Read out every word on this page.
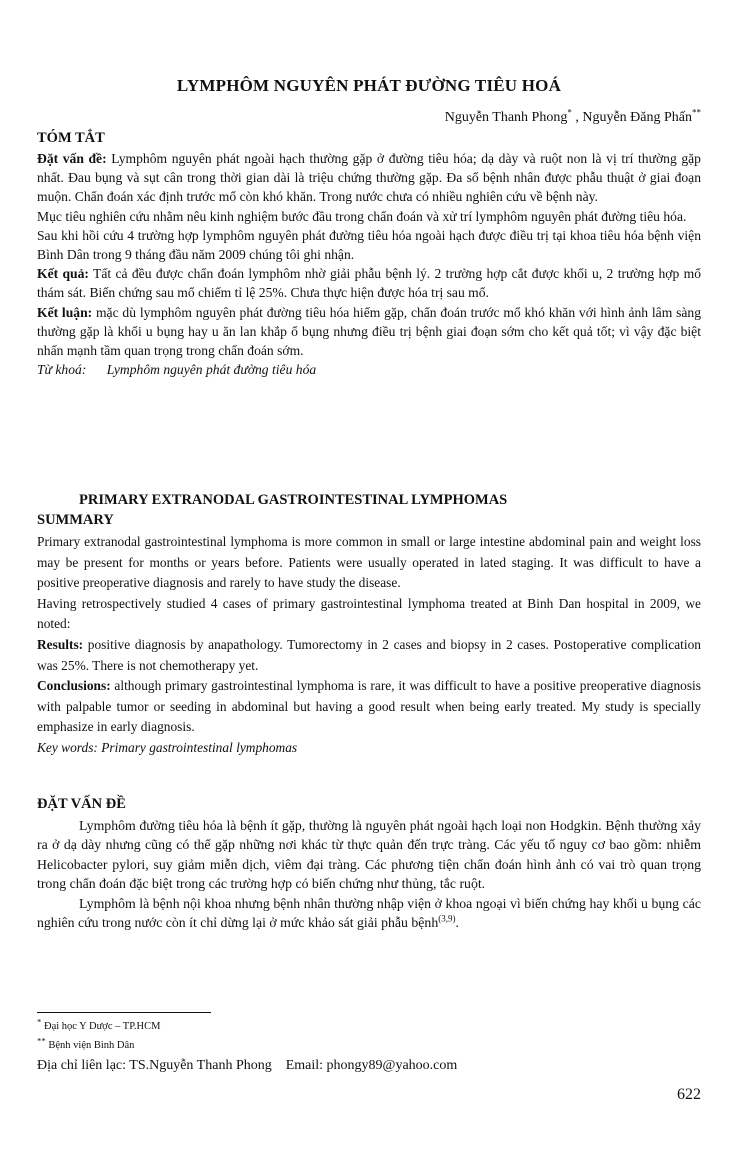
LYMPHÔM NGUYÊN PHÁT ĐƯỜNG TIÊU HOÁ
Nguyễn Thanh Phong* , Nguyễn Đăng Phấn**
TÓM TẮT

Đặt vấn đề: Lymphôm nguyên phát ngoài hạch thường gặp ở đường tiêu hóa; dạ dày và ruột non là vị trí thường gặp nhất. Đau bụng và sụt cân trong thời gian dài là triệu chứng thường gặp. Đa số bệnh nhân được phẫu thuật ở giai đoạn muộn. Chẩn đoán xác định trước mổ còn khó khăn. Trong nước chưa có nhiều nghiên cứu về bệnh này.

Mục tiêu nghiên cứu nhằm nêu kinh nghiệm bước đầu trong chẩn đoán và xử trí lymphôm nguyên phát đường tiêu hóa.

Sau khi hồi cứu 4 trường hợp lymphôm nguyên phát đường tiêu hóa ngoài hạch được điều trị tại khoa tiêu hóa bệnh viện Bình Dân trong 9 tháng đầu năm 2009 chúng tôi ghi nhận.

Kết quả: Tất cả đều được chẩn đoán lymphôm nhờ giải phẫu bệnh lý. 2 trường hợp cắt được khối u, 2 trường hợp mổ thám sát. Biến chứng sau mổ chiếm tỉ lệ 25%. Chưa thực hiện được hóa trị sau mổ.

Kết luận: mặc dù lymphôm nguyên phát đường tiêu hóa hiếm gặp, chẩn đoán trước mổ khó khăn với hình ảnh lâm sàng thường gặp là khối u bụng hay u ăn lan khắp ổ bụng nhưng điều trị bệnh giai đoạn sớm cho kết quả tốt; vì vậy đặc biệt nhấn mạnh tầm quan trọng trong chẩn đoán sớm.

Từ khoá: Lymphôm nguyên phát đường tiêu hóa

PRIMARY EXTRANODAL GASTROINTESTINAL LYMPHOMAS
SUMMARY

Primary extranodal gastrointestinal lymphoma is more common in small or large intestine abdominal pain and weight loss may be present for months or years before. Patients were usually operated in lated staging. It was difficult to have a positive preoperative diagnosis and rarely to have study the disease.

Having retrospectively studied 4 cases of primary gastrointestinal lymphoma treated at Binh Dan hospital in 2009, we noted:

Results: positive diagnosis by anapathology. Tumorectomy in 2 cases and biopsy in 2 cases. Postoperative complication was 25%. There is not chemotherapy yet.

Conclusions: although primary gastrointestinal lymphoma is rare, it was difficult to have a positive preoperative diagnosis with palpable tumor or seeding in abdominal but having a good result when being early treated. My study is specially emphasize in early diagnosis.

Key words: Primary gastrointestinal lymphomas

ĐẶT VẤN ĐỀ

Lymphôm đường tiêu hóa là bệnh ít gặp, thường là nguyên phát ngoài hạch loại non Hodgkin. Bệnh thường xảy ra ở dạ dày nhưng cũng có thể gặp những nơi khác từ thực quản đến trực tràng. Các yếu tố nguy cơ bao gồm: nhiễm Helicobacter pylori, suy giảm miễn dịch, viêm đại tràng. Các phương tiện chẩn đoán hình ảnh có vai trò quan trọng trong chẩn đoán đặc biệt trong các trường hợp có biến chứng như thủng, tắc ruột.

Lymphôm là bệnh nội khoa nhưng bệnh nhân thường nhập viện ở khoa ngoại vì biến chứng hay khối u bụng các nghiên cứu trong nước còn ít chỉ dừng lại ở mức khảo sát giải phẫu bệnh$^{(3,9)}$.

* Đại học Y Dược – TP.HCM
** Bệnh viện Bình Dân
Địa chỉ liên lạc: TS.Nguyễn Thanh Phong Email: phongy89@yahoo.com
622
